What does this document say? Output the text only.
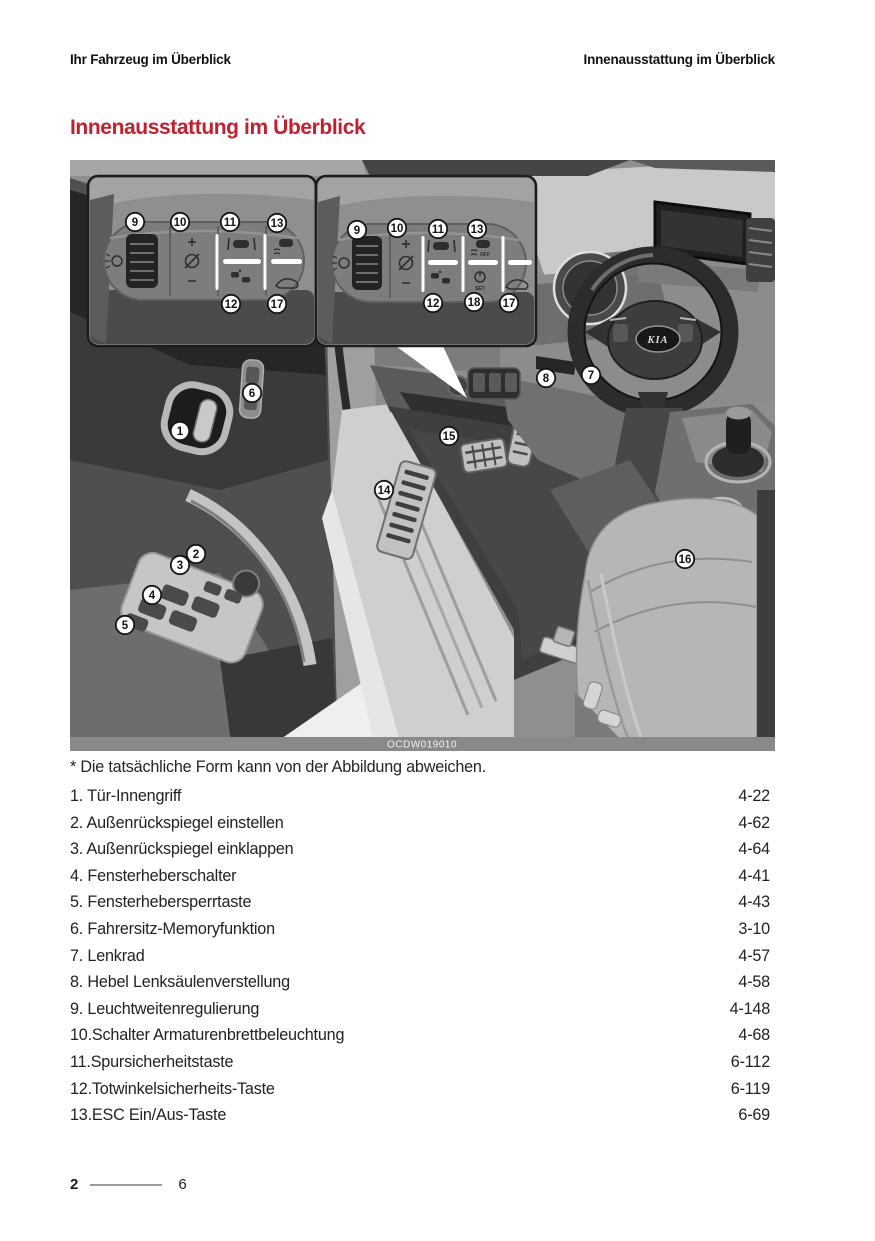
Ihr Fahrzeug im Überblick	Innenausstattung im Überblick
Innenausstattung im Überblick
KIA
OCDW019010
OFF
SET
9	10	11	13
12	17
9	10 11 13
12 18 17
1
6
2
3
4
5
8	7
15
14
16

* Die tatsächliche Form kann von der Abbildung abweichen.

1. Tür-Innengriff	4-22
2. Außenrückspiegel einstellen	4-62
3. Außenrückspiegel einklappen	4-64
4. Fensterheberschalter	4-41
5. Fensterhebersperrtaste	4-43
6. Fahrersitz-Memoryfunktion	3-10
7. Lenkrad	4-57
8. Hebel Lenksäulenverstellung	4-58
9. Leuchtweitenregulierung	4-148
10.Schalter Armaturenbrettbeleuchtung	4-68
11.Spursicherheitstaste	6-112
12.Totwinkelsicherheits-Taste	6-119
13.ESC Ein/Aus-Taste	6-69
2	6
